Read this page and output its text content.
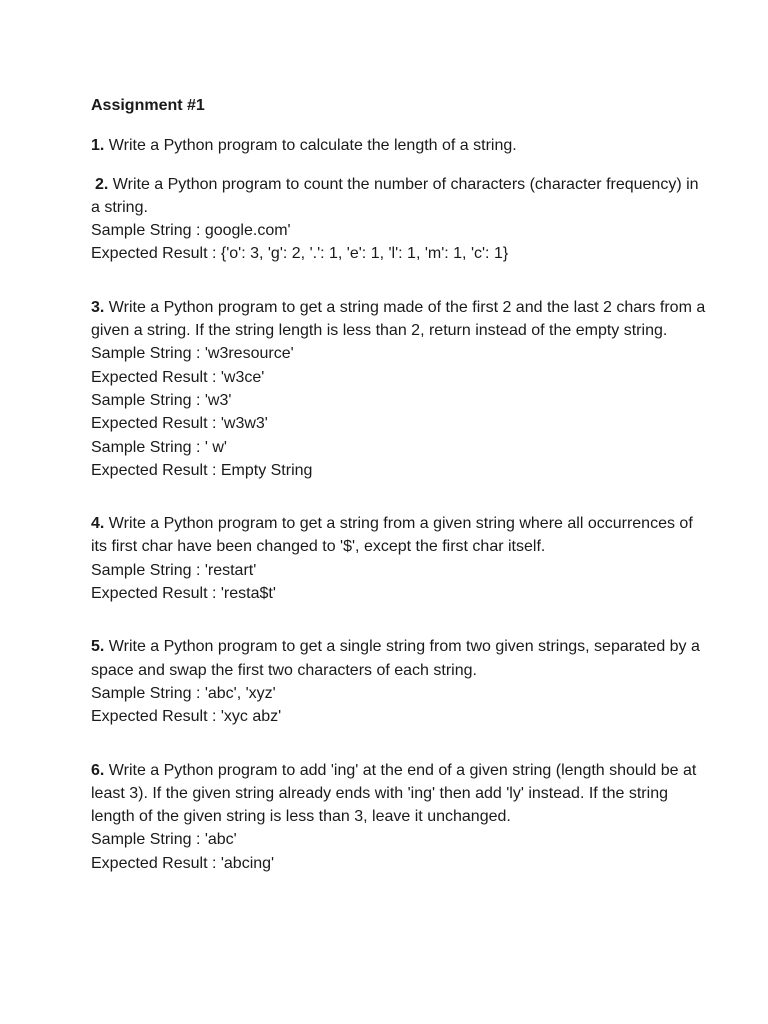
Assignment #1

1. Write a Python program to calculate the length of a string.

2. Write a Python program to count the number of characters (character frequency) in a string.

Sample String : google.com'
Expected Result : {'o': 3, 'g': 2, '.': 1, 'e': 1, 'l': 1, 'm': 1, 'c': 1}

3. Write a Python program to get a string made of the first 2 and the last 2 chars from a given a string. If the string length is less than 2, return instead of the empty string.

Sample String : 'w3resource'
Expected Result : 'w3ce'
Sample String : 'w3'
Expected Result : 'w3w3'
Sample String : ' w'
Expected Result : Empty String

4. Write a Python program to get a string from a given string where all occurrences of its first char have been changed to '$', except the first char itself.

Sample String : 'restart'
Expected Result : 'resta$t'

5. Write a Python program to get a single string from two given strings, separated by a space and swap the first two characters of each string.

Sample String : 'abc', 'xyz'
Expected Result : 'xyc abz'

6. Write a Python program to add 'ing' at the end of a given string (length should be at least 3). If the given string already ends with 'ing' then add 'ly' instead. If the string length of the given string is less than 3, leave it unchanged.

Sample String : 'abc'
Expected Result : 'abcing'
